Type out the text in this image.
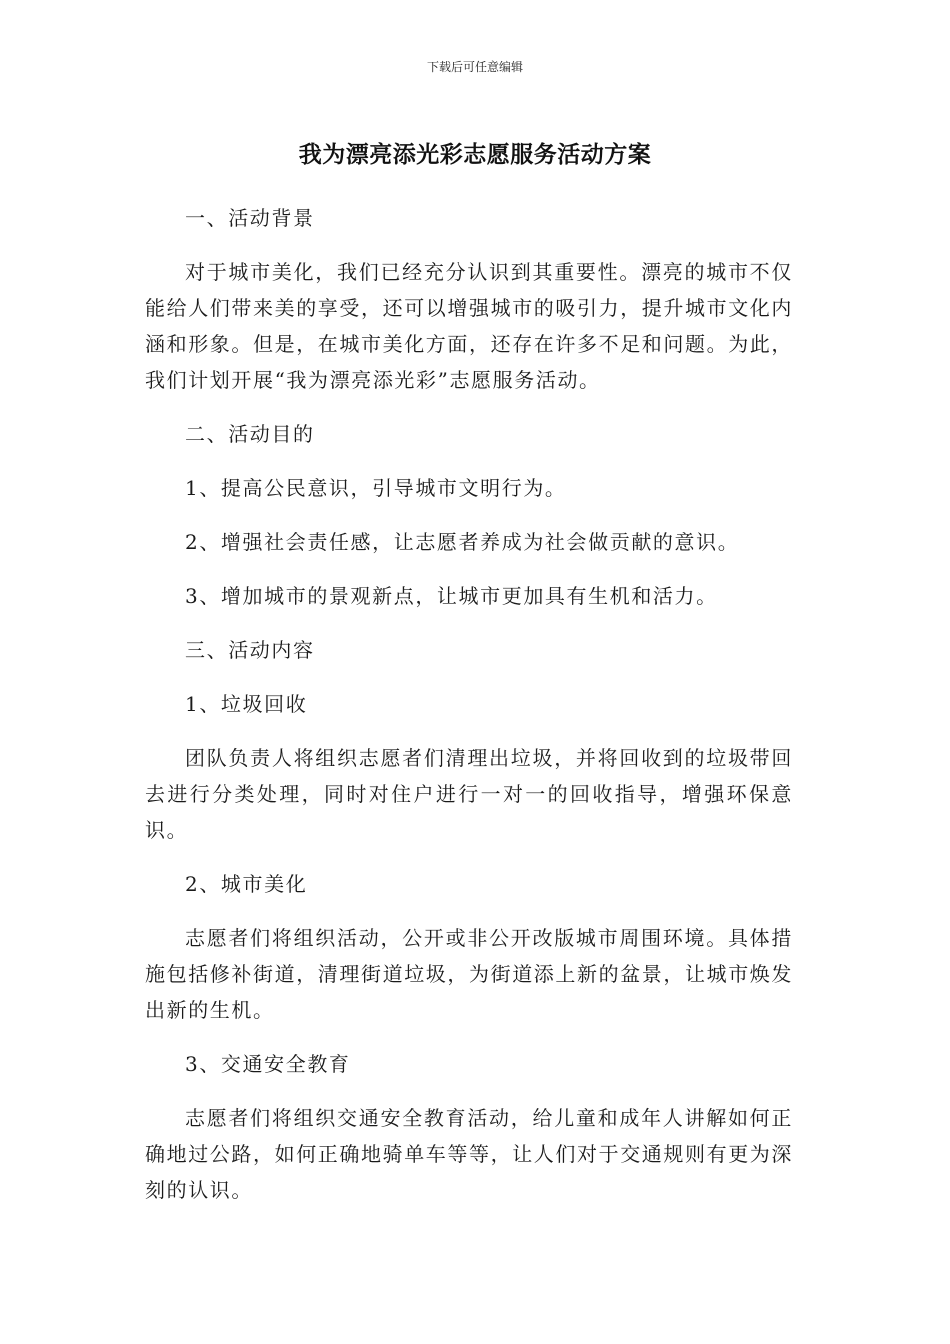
下载后可任意编辑
我为漂亮添光彩志愿服务活动方案

一、活动背景

对于城市美化，我们已经充分认识到其重要性。漂亮的城市不仅能给人们带来美的享受，还可以增强城市的吸引力，提升城市文化内涵和形象。但是，在城市美化方面，还存在许多不足和问题。为此，我们计划开展“我为漂亮添光彩”志愿服务活动。

二、活动目的

1、提高公民意识，引导城市文明行为。

2、增强社会责任感，让志愿者养成为社会做贡献的意识。

3、增加城市的景观新点，让城市更加具有生机和活力。

三、活动内容

1、垃圾回收

团队负责人将组织志愿者们清理出垃圾，并将回收到的垃圾带回去进行分类处理，同时对住户进行一对一的回收指导，增强环保意识。

2、城市美化

志愿者们将组织活动，公开或非公开改版城市周围环境。具体措施包括修补街道，清理街道垃圾，为街道添上新的盆景，让城市焕发出新的生机。

3、交通安全教育

志愿者们将组织交通安全教育活动，给儿童和成年人讲解如何正确地过公路，如何正确地骑单车等等，让人们对于交通规则有更为深刻的认识。
